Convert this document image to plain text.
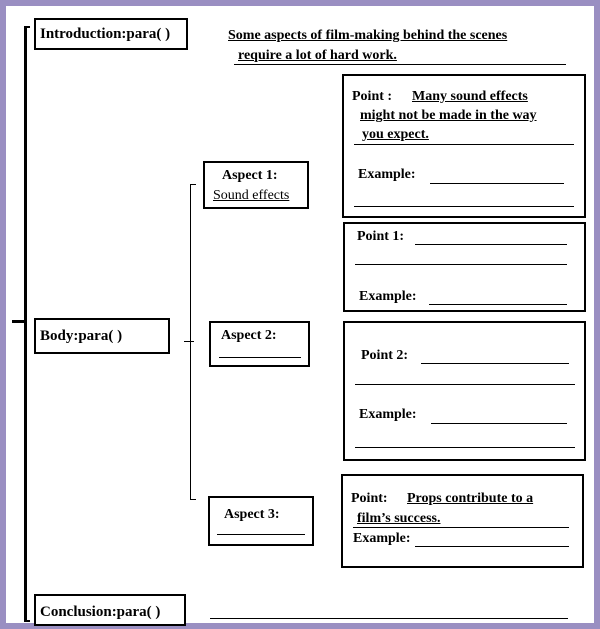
Introduction:para( )	Some aspects of film-making behind the scenes
require a lot of hard work.
Body:para( )
Aspect 1:
Sound effects
Aspect 2:
Aspect 3:
Point : Many sound effects
might not be made in the way
you expect.
Example:
Point 1:
Example:
Point 2:
Example:
Point: Props contribute to a
film’s success.
Example:
Conclusion:para( )
